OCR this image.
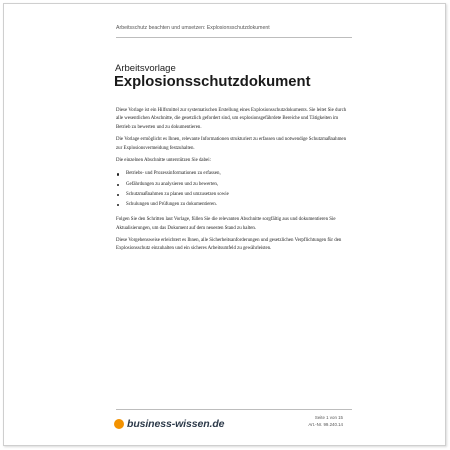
Arbeitsschutz beachten und umsetzen: Explosionsschutzdokument
Arbeitsvorlage
Explosionsschutzdokument

Diese Vorlage ist ein Hilfsmittel zur systematischen Erstellung eines Explosionsschutzdokuments. Sie leitet Sie durch alle wesentlichen Abschnitte, die gesetzlich gefordert sind, um explosionsgefährdete Bereiche und Tätigkeiten im Betrieb zu bewerten und zu dokumentieren.

Die Vorlage ermöglicht es Ihnen, relevante Informationen strukturiert zu erfassen und notwendige Schutzmaßnahmen zur Explosionsvermeidung festzuhalten.

Die einzelnen Abschnitte unterstützen Sie dabei:

Betriebs- und Prozessinformationen zu erfassen,
Gefährdungen zu analysieren und zu bewerten,
Schutzmaßnahmen zu planen und umzusetzen sowie
Schulungen und Prüfungen zu dokumentieren.

Folgen Sie den Schritten laut Vorlage, füllen Sie die relevanten Abschnitte sorgfältig aus und dokumentieren Sie Aktualisierungen, um das Dokument auf dem neuesten Stand zu halten.

Diese Vorgehensweise erleichtert es Ihnen, alle Sicherheitsanforderungen und gesetzlichen Verpflichtungen für den Explosionsschutz einzuhalten und ein sicheres Arbeitsumfeld zu gewährleisten.

business-wissen.de
Seite 1 von 15
Art.-Nr. 99.240.14
